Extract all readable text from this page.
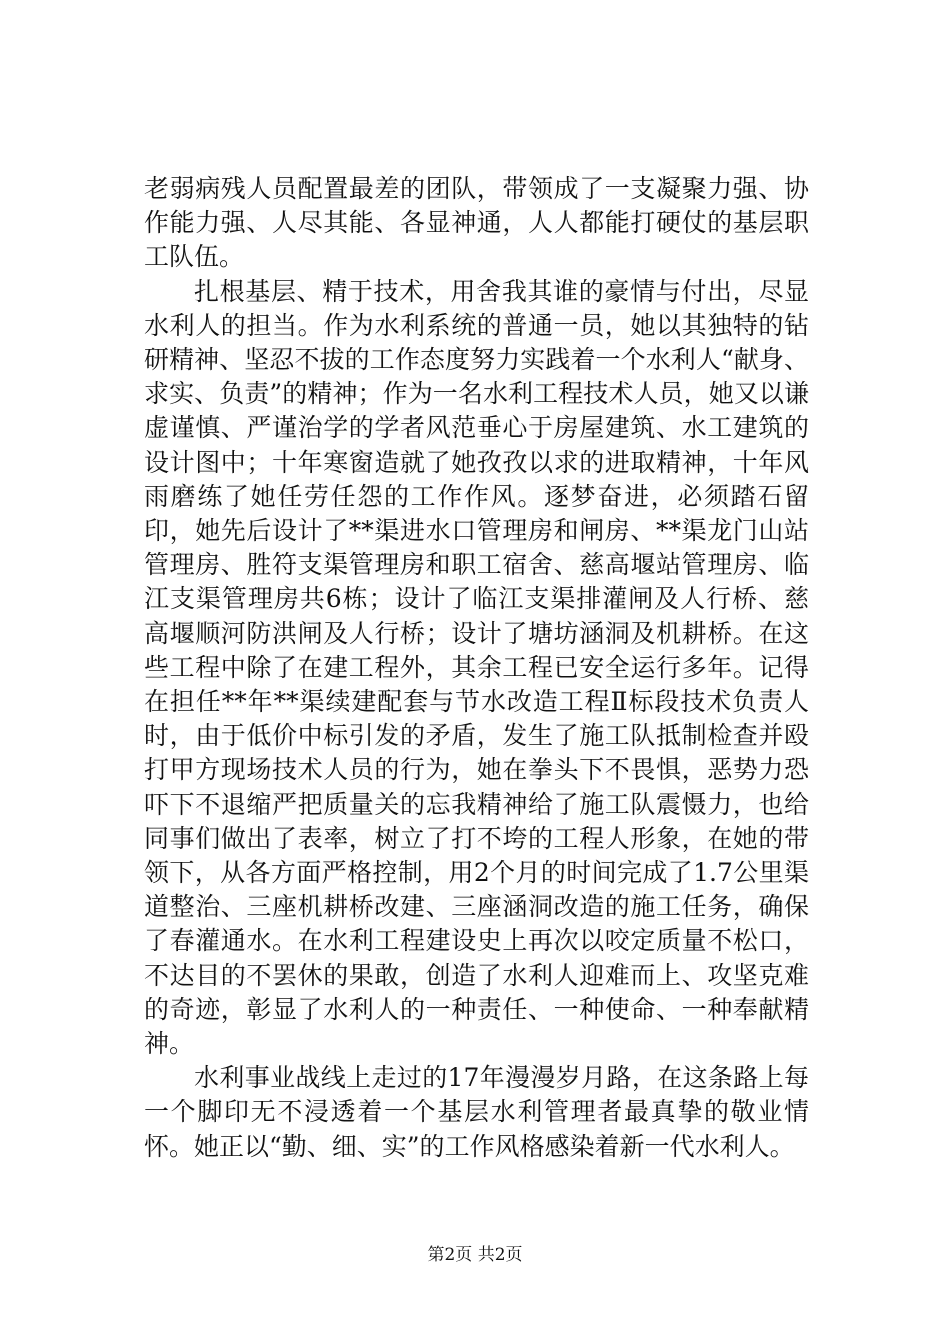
老弱病残人员配置最差的团队，带领成了一支凝聚力强、协作能力强、人尽其能、各显神通，人人都能打硬仗的基层职工队伍。

扎根基层、精于技术，用舍我其谁的豪情与付出，尽显水利人的担当。作为水利系统的普通一员，她以其独特的钻研精神、坚忍不拔的工作态度努力实践着一个水利人“献身、求实、负责”的精神；作为一名水利工程技术人员，她又以谦虚谨慎、严谨治学的学者风范垂心于房屋建筑、水工建筑的设计图中；十年寒窗造就了她孜孜以求的进取精神，十年风雨磨练了她任劳任怨的工作作风。逐梦奋进，必须踏石留印，她先后设计了**渠进水口管理房和闸房、**渠龙门山站管理房、胜符支渠管理房和职工宿舍、慈高堰站管理房、临江支渠管理房共6栋；设计了临江支渠排灌闸及人行桥、慈高堰顺河防洪闸及人行桥；设计了塘坊涵洞及机耕桥。在这些工程中除了在建工程外，其余工程已安全运行多年。记得在担任**年**渠续建配套与节水改造工程Ⅱ标段技术负责人时，由于低价中标引发的矛盾，发生了施工队抵制检查并殴打甲方现场技术人员的行为，她在拳头下不畏惧，恶势力恐吓下不退缩严把质量关的忘我精神给了施工队震慑力，也给同事们做出了表率，树立了打不垮的工程人形象，在她的带领下，从各方面严格控制，用2个月的时间完成了1.7公里渠道整治、三座机耕桥改建、三座涵洞改造的施工任务，确保了春灌通水。在水利工程建设史上再次以咬定质量不松口，不达目的不罢休的果敢，创造了水利人迎难而上、攻坚克难的奇迹，彰显了水利人的一种责任、一种使命、一种奉献精神。

水利事业战线上走过的17年漫漫岁月路，在这条路上每一个脚印无不浸透着一个基层水利管理者最真挚的敬业情怀。她正以“勤、细、实”的工作风格感染着新一代水利人。

第2页 共2页
